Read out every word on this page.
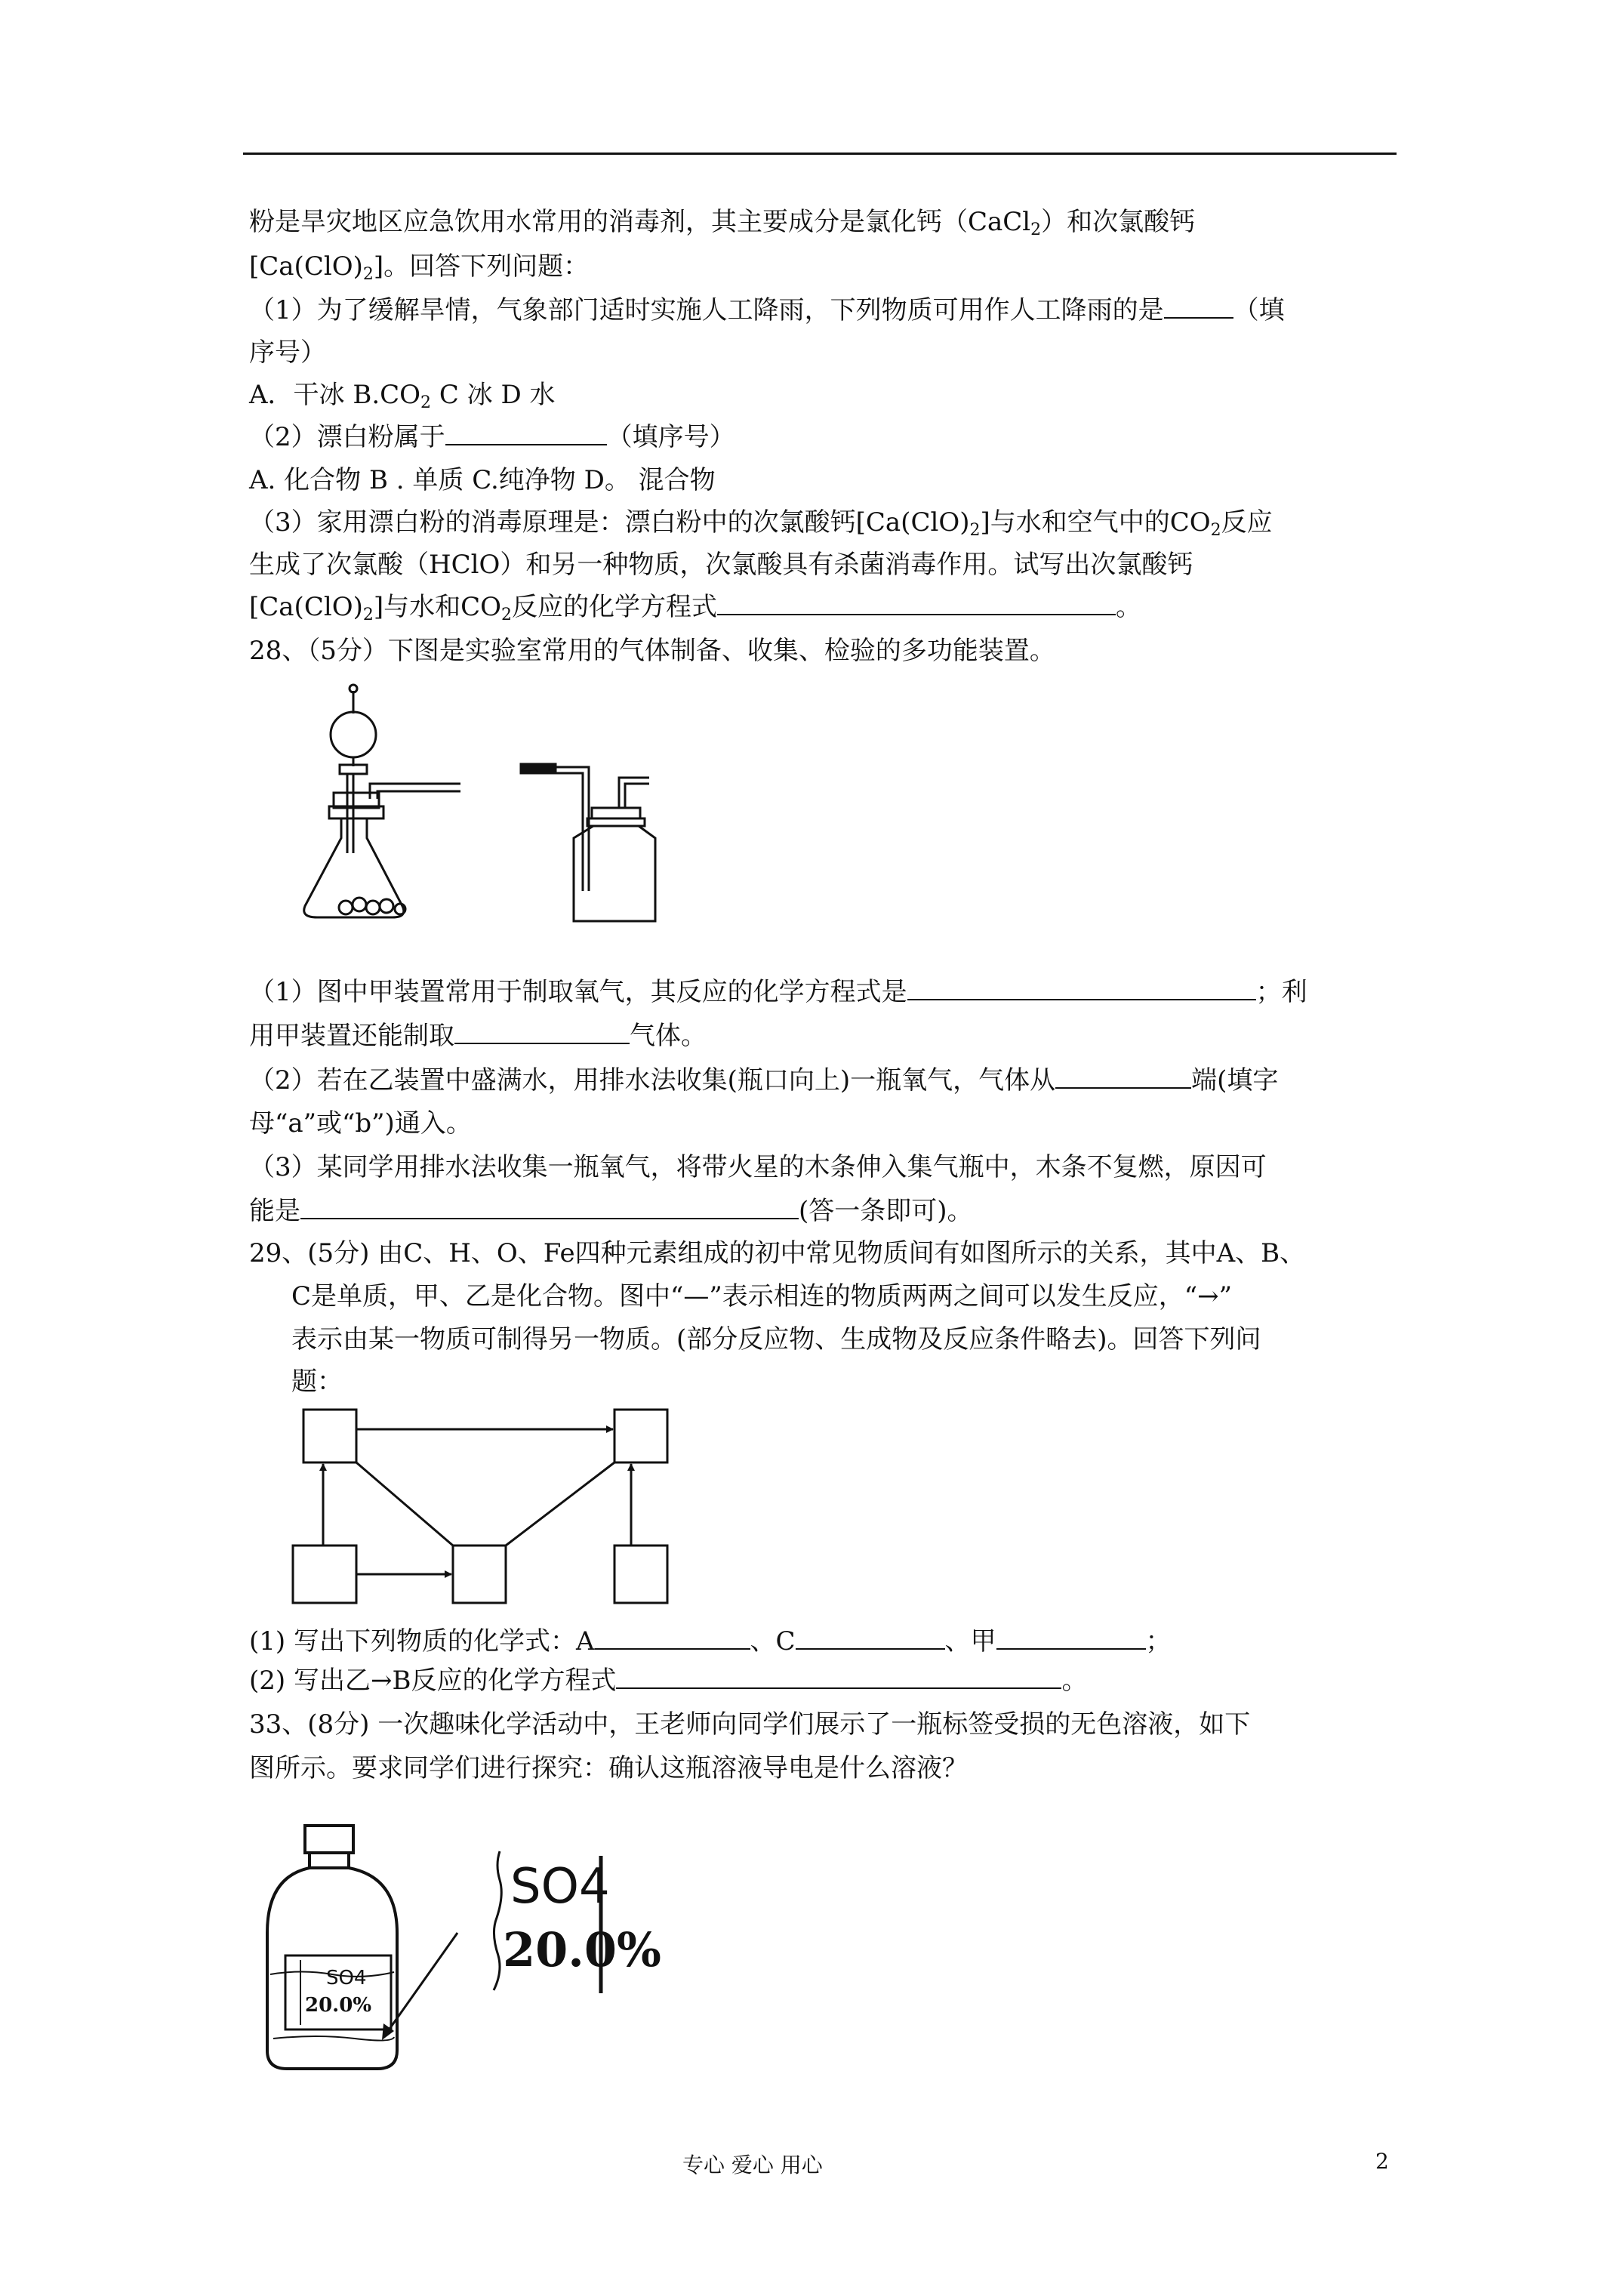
粉是旱灾地区应急饮用水常用的消毒剂，其主要成分是氯化钙（CaCl$_2$）和次氯酸钙
$[Ca(ClO)_2]$。回答下列问题：
（1）为了缓解旱情，气象部门适时实施人工降雨，下列物质可用作人工降雨的是	（填
序号）
A．干冰 $B.CO_2$ C 冰 D 水
（2）漂白粉属于	（填序号）
A. 化合物 B . 单质 C.纯净物 D。 混合物
（3）家用漂白粉的消毒原理是：漂白粉中的次氯酸钙$[Ca(ClO)_2]$与水和空气中的$CO_2$反应
生成了次氯酸（HClO）和另一种物质，次氯酸具有杀菌消毒作用。试写出次氯酸钙
$[Ca(ClO)_2]$与水和$CO_2$反应的化学方程式	。
28、（5分）下图是实验室常用的气体制备、收集、检验的多功能装置。
（1）图中甲装置常用于制取氧气，其反应的化学方程式是	；利
用甲装置还能制取	气体。
（2）若在乙装置中盛满水，用排水法收集(瓶口向上)一瓶氧气，气体从	端(填字
母“a”或“b”)通入。
（3）某同学用排水法收集一瓶氧气，将带火星的木条伸入集气瓶中，木条不复燃，原因可
能是	(答一条即可)。
29、(5分) 由C、H、O、Fe四种元素组成的初中常见物质间有如图所示的关系，其中A、B、
C是单质，甲、乙是化合物。图中“—”表示相连的物质两两之间可以发生反应，“→”
表示由某一物质可制得另一物质。(部分反应物、生成物及反应条件略去)。回答下列问
题：
(1) 写出下列物质的化学式：A	、C	、甲	；
(2) 写出乙→B反应的化学方程式	。
33、(8分) 一次趣味化学活动中，王老师向同学们展示了一瓶标签受损的无色溶液，如下
图所示。要求同学们进行探究：确认这瓶溶液导电是什么溶液？
SO4
20.0%
SO4
20.0%
专心 爱心 用心	2
